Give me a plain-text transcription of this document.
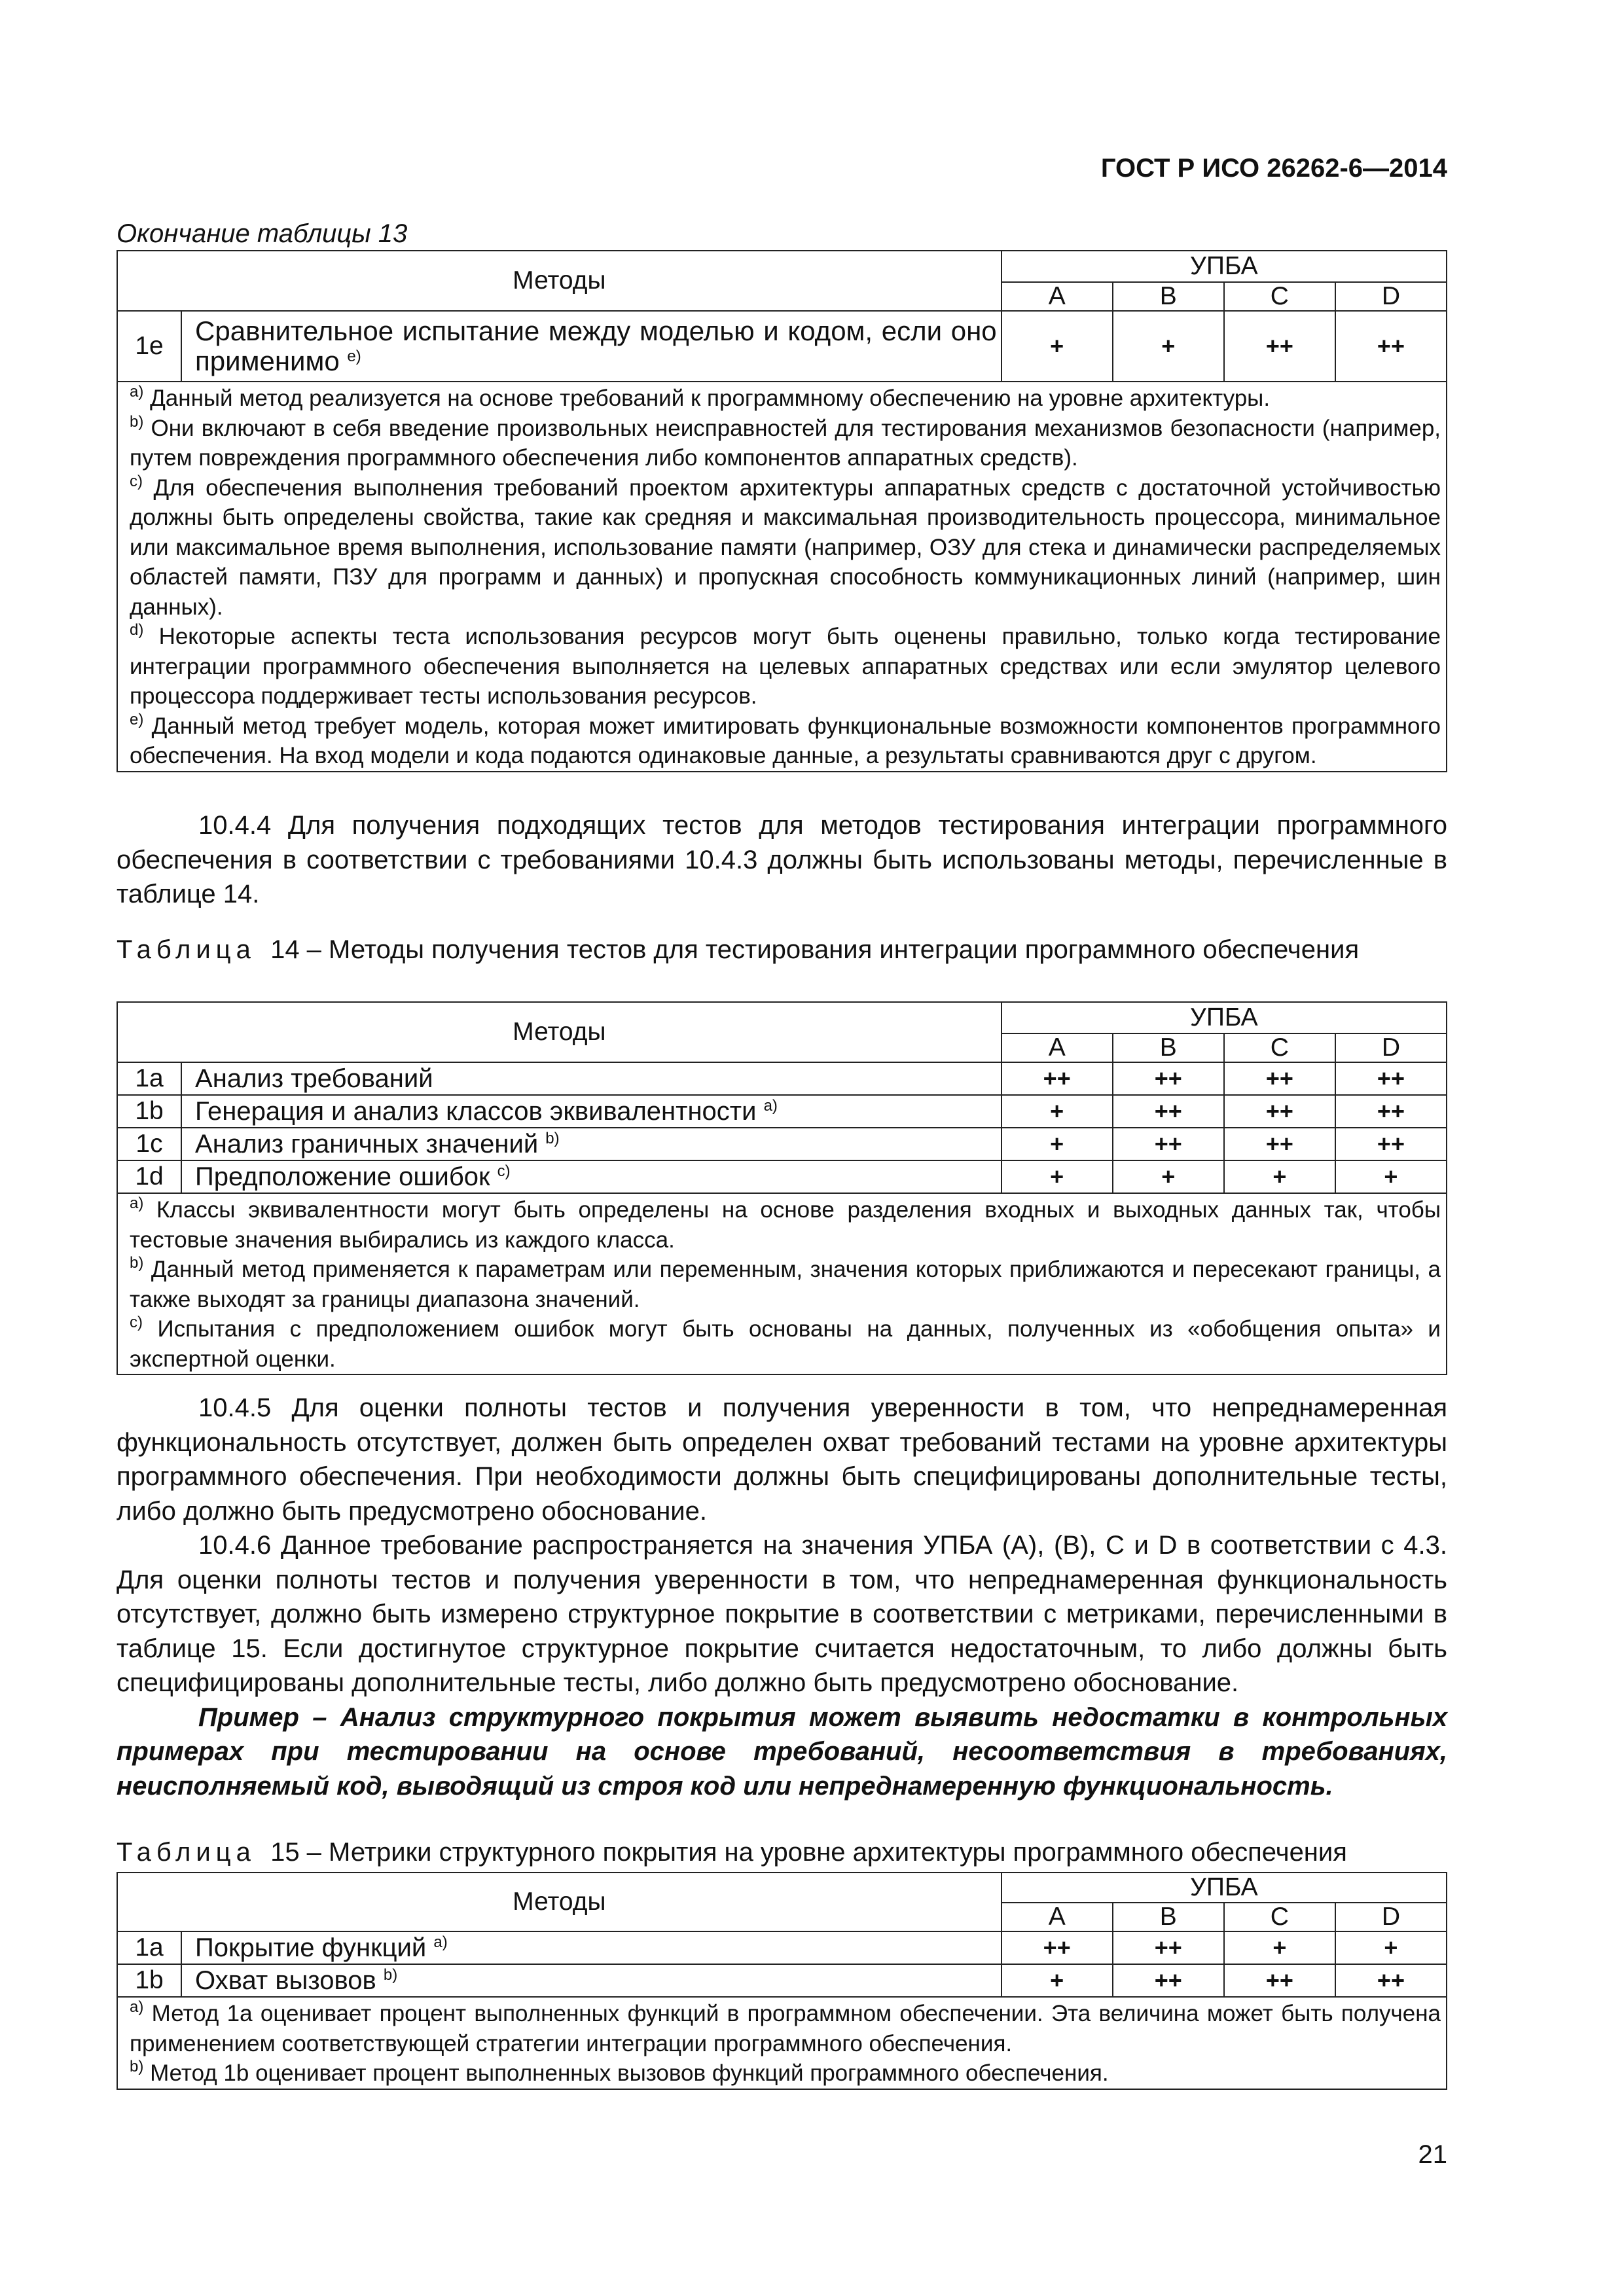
ГОСТ Р ИСО 26262-6—2014
Окончание таблицы 13
Методы		УПБА			
		A	B	C	D
1e	Сравнительное испытание между моделью и кодом, если оно применимо $^{e)}$	+	+	++	++

$^{a)}$ Данный метод реализуется на основе требований к программному обеспечению на уровне архитектуры.
$^{b)}$ Они включают в себя введение произвольных неисправностей для тестирования механизмов безопасности (например, путем повреждения программного обеспечения либо компонентов аппаратных средств).
$^{c)}$ Для обеспечения выполнения требований проектом архитектуры аппаратных средств с достаточной устойчивостью должны быть определены свойства, такие как средняя и максимальная производительность процессора, минимальное или максимальное время выполнения, использование памяти (например, ОЗУ для стека и динамически распределяемых областей памяти, ПЗУ для программ и данных) и пропускная способность коммуникационных линий (например, шин данных).
$^{d)}$ Некоторые аспекты теста использования ресурсов могут быть оценены правильно, только когда тестирование интеграции программного обеспечения выполняется на целевых аппаратных средствах или если эмулятор целевого процессора поддерживает тесты использования ресурсов.
$^{e)}$ Данный метод требует модель, которая может имитировать функциональные возможности компонентов программного обеспечения. На вход модели и кода подаются одинаковые данные, а результаты сравниваются друг с другом.					

10.4.4 Для получения подходящих тестов для методов тестирования интеграции программного обеспечения в соответствии с требованиями 10.4.3 должны быть использованы методы, перечисленные в таблице 14.

Таблица 14 – Методы получения тестов для тестирования интеграции программного обеспечения
Методы		УПБА			
		A	B	C	D
1a	Анализ требований	++	++	++	++
1b	Генерация и анализ классов эквивалентности $^{a)}$	+	++	++	++
1c	Анализ граничных значений $^{b)}$	+	++	++	++
1d	Предположение ошибок $^{c)}$	+	+	+	+

$^{a)}$ Классы эквивалентности могут быть определены на основе разделения входных и выходных данных так, чтобы тестовые значения выбирались из каждого класса.
$^{b)}$ Данный метод применяется к параметрам или переменным, значения которых приближаются и пересекают границы, а также выходят за границы диапазона значений.
$^{c)}$ Испытания с предположением ошибок могут быть основаны на данных, полученных из «обобщения опыта» и экспертной оценки.					

10.4.5 Для оценки полноты тестов и получения уверенности в том, что непреднамеренная функциональность отсутствует, должен быть определен охват требований тестами на уровне архитектуры программного обеспечения. При необходимости должны быть специфицированы дополнительные тесты, либо должно быть предусмотрено обоснование.

10.4.6 Данное требование распространяется на значения УПБА (А), (В), С и D в соответствии с 4.3. Для оценки полноты тестов и получения уверенности в том, что непреднамеренная функциональность отсутствует, должно быть измерено структурное покрытие в соответствии с метриками, перечисленными в таблице 15. Если достигнутое структурное покрытие считается недостаточным, то либо должны быть специфицированы дополнительные тесты, либо должно быть предусмотрено обоснование.

Пример – Анализ структурного покрытия может выявить недостатки в контрольных примерах при тестировании на основе требований, несоответствия в требованиях, неисполняемый код, выводящий из строя код или непреднамеренную функциональность.

Таблица 15 – Метрики структурного покрытия на уровне архитектуры программного обеспечения
Методы		УПБА			
		A	B	C	D
1a	Покрытие функций $^{a)}$	++	++	+	+
1b	Охват вызовов $^{b)}$	+	++	++	++

$^{a)}$ Метод 1a оценивает процент выполненных функций в программном обеспечении. Эта величина может быть получена применением соответствующей стратегии интеграции программного обеспечения.
$^{b)}$ Метод 1b оценивает процент выполненных вызовов функций программного обеспечения.					
21
